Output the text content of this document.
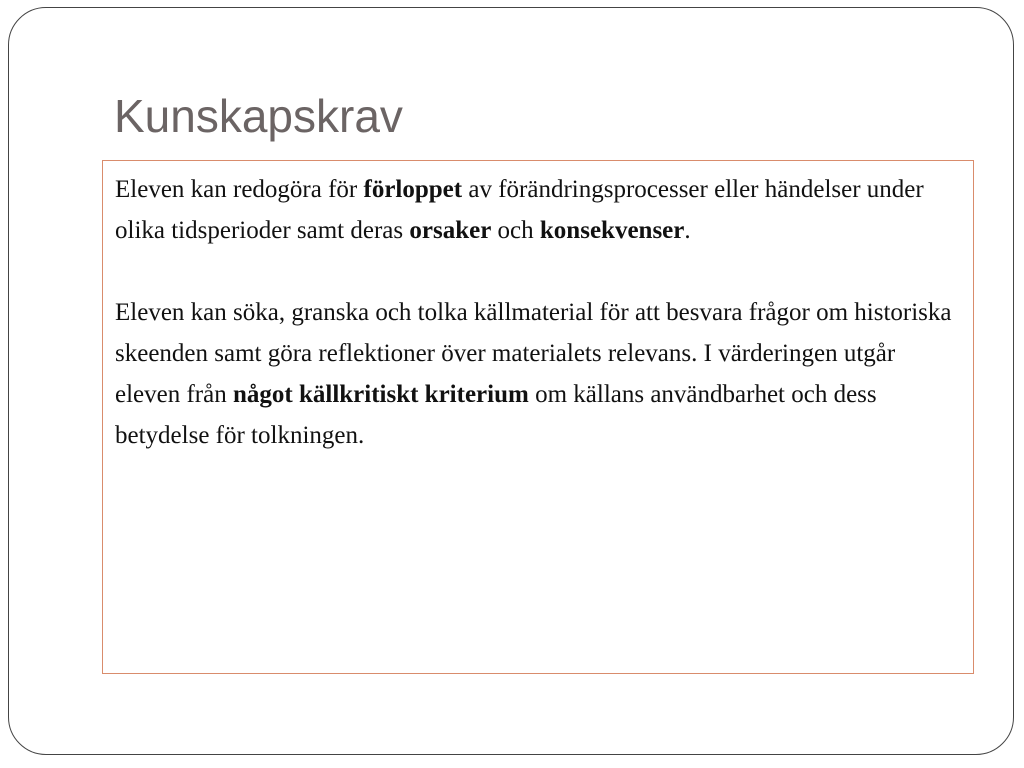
Kunskapskrav

Eleven kan redogöra för förloppet av förändringsprocesser eller händelser under olika tidsperioder samt deras orsaker och konsekvenser.

Eleven kan söka, granska och tolka källmaterial för att besvara frågor om historiska skeenden samt göra reflektioner över materialets relevans. I värderingen utgår eleven från något källkritiskt kriterium om källans användbarhet och dess betydelse för tolkningen.
